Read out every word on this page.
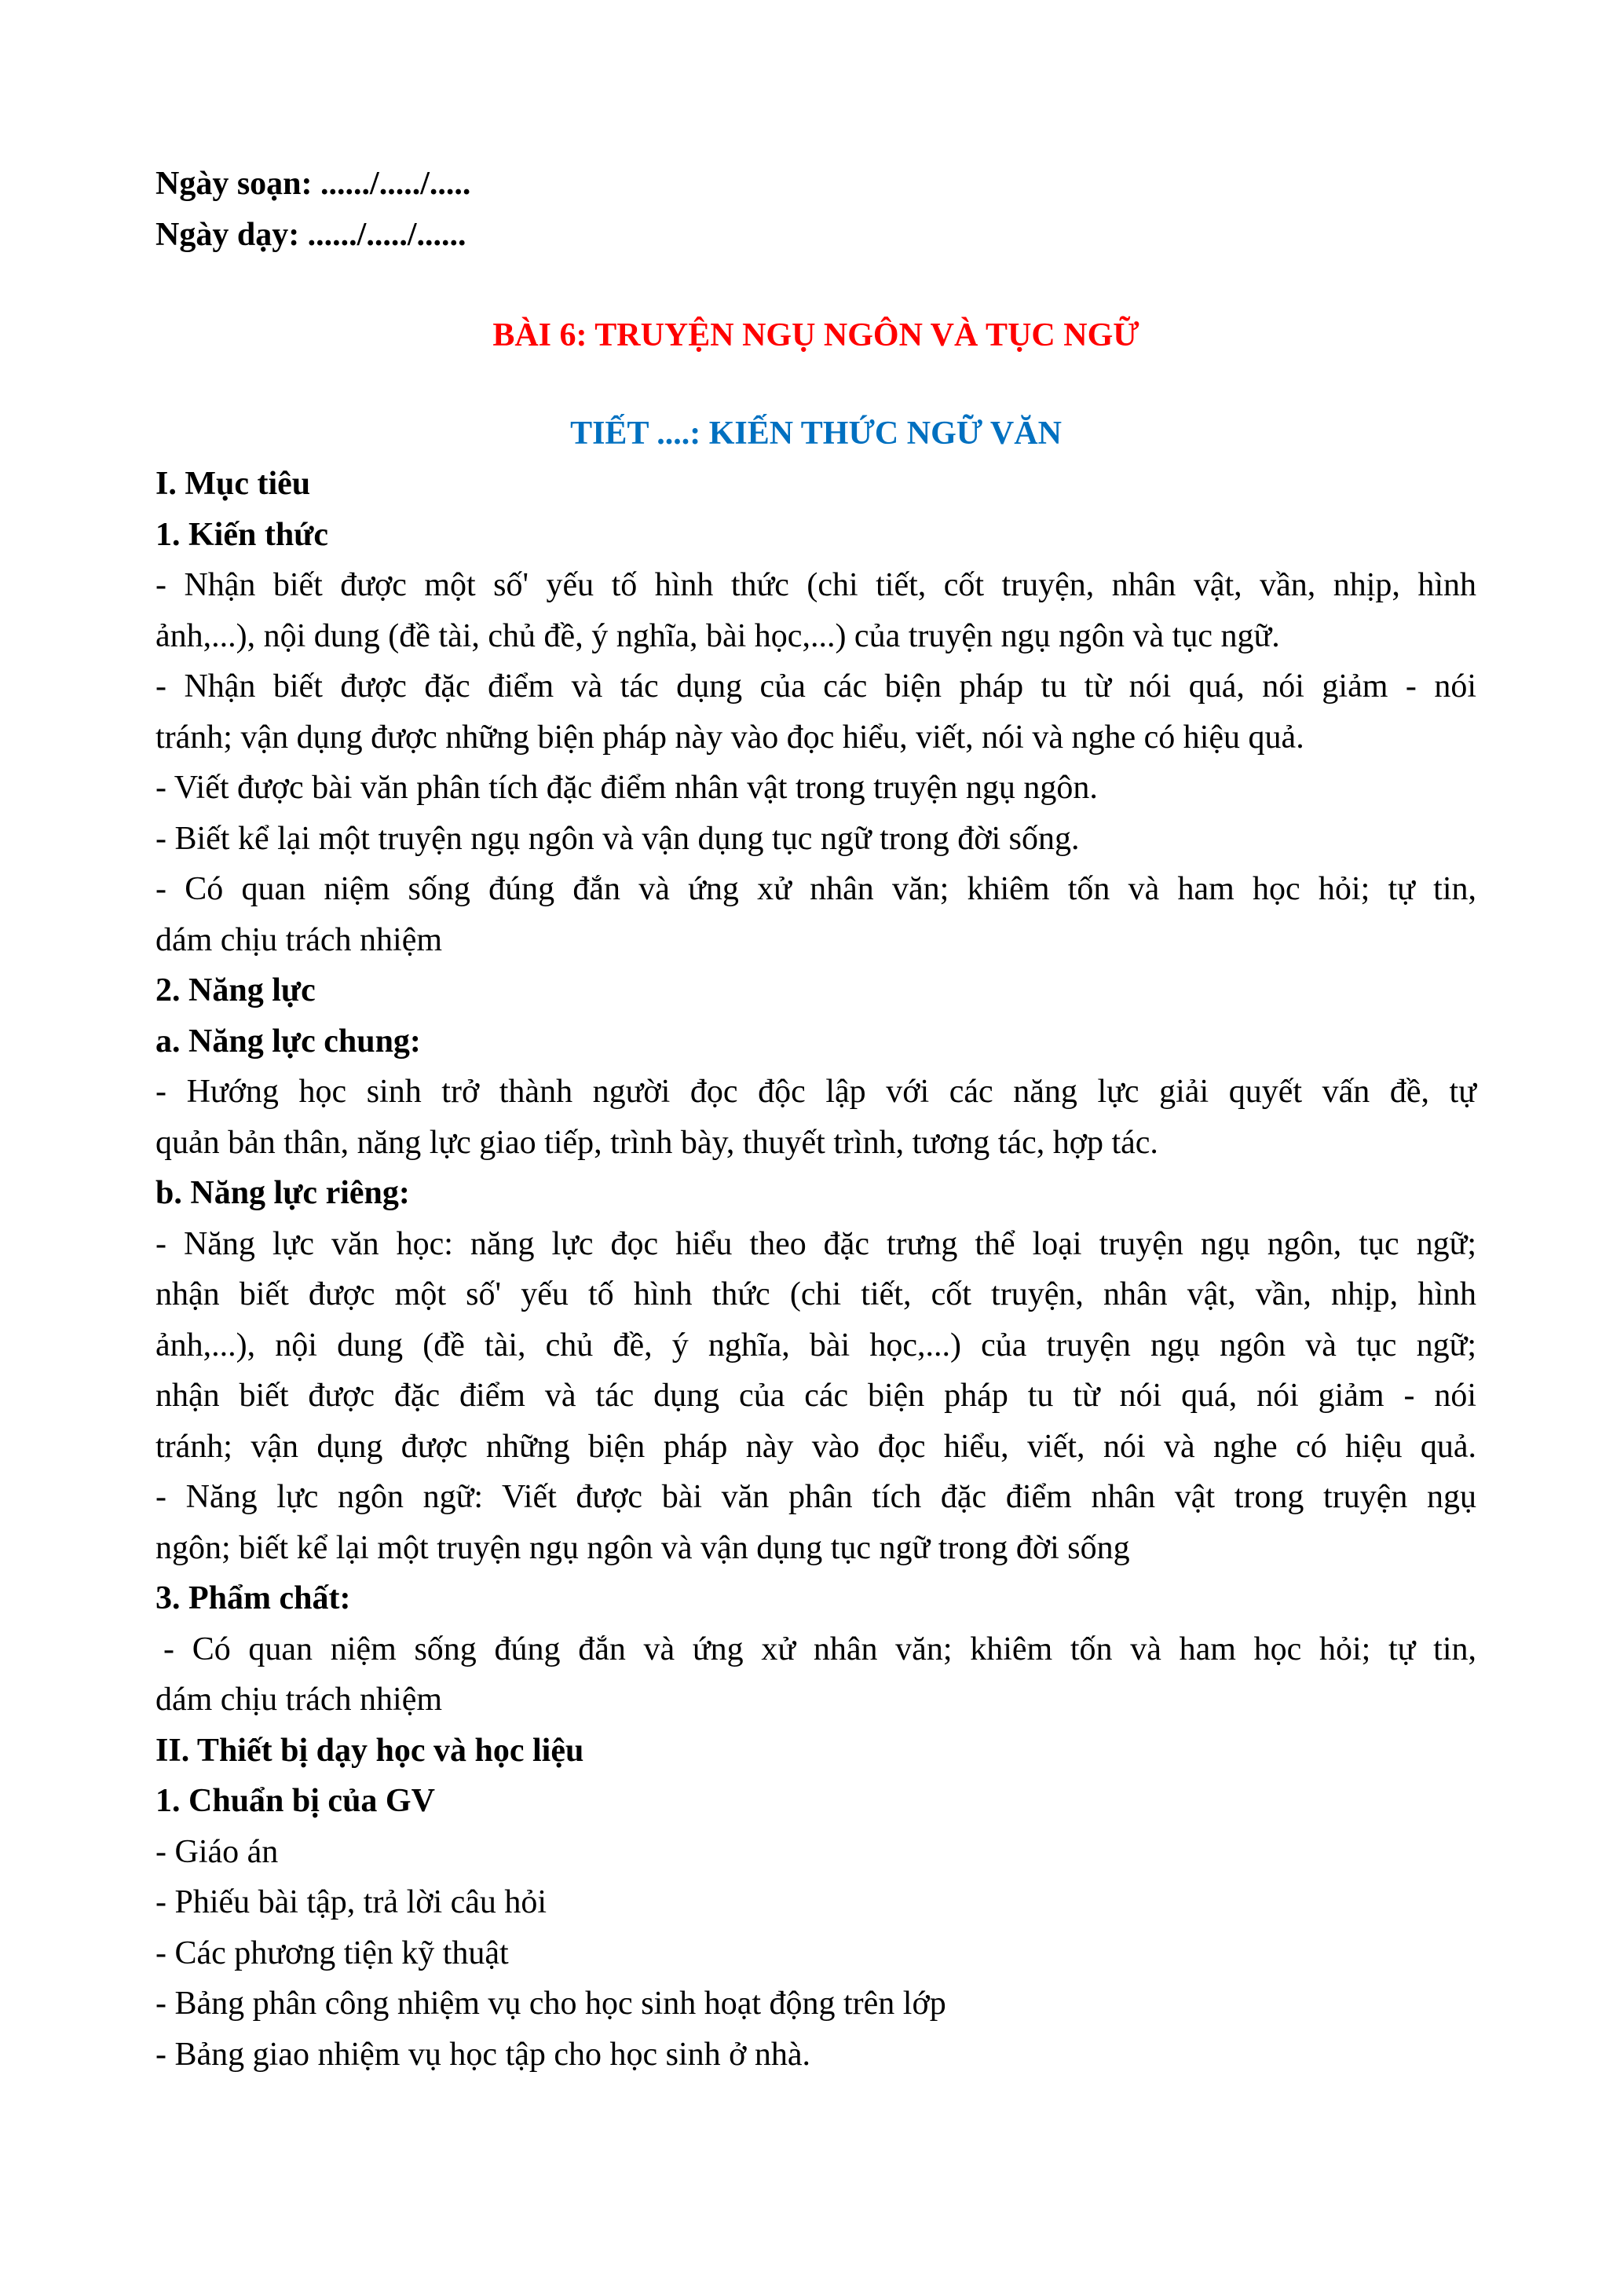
Ngày soạn: ....../...../.....
Ngày dạy: ....../...../......
BÀI 6: TRUYỆN NGỤ NGÔN VÀ TỤC NGỮ
TIẾT ....: KIẾN THỨC NGỮ VĂN
I. Mục tiêu
1. Kiến thức
- Nhận biết được một số' yếu tố hình thức (chi tiết, cốt truyện, nhân vật, vần, nhịp, hình
ảnh,...), nội dung (đề tài, chủ đề, ý nghĩa, bài học,...) của truyện ngụ ngôn và tục ngữ.
- Nhận biết được đặc điểm và tác dụng của các biện pháp tu từ nói quá, nói giảm - nói
tránh; vận dụng được những biện pháp này vào đọc hiểu, viết, nói và nghe có hiệu quả.
- Viết được bài văn phân tích đặc điểm nhân vật trong truyện ngụ ngôn.
- Biết kể lại một truyện ngụ ngôn và vận dụng tục ngữ trong đời sống.
- Có quan niệm sống đúng đắn và ứng xử nhân văn; khiêm tốn và ham học hỏi; tự tin,
dám chịu trách nhiệm
2. Năng lực
a. Năng lực chung:
- Hướng học sinh trở thành người đọc độc lập với các năng lực giải quyết vấn đề, tự
quản bản thân, năng lực giao tiếp, trình bày, thuyết trình, tương tác, hợp tác.
b. Năng lực riêng:
- Năng lực văn học: năng lực đọc hiểu theo đặc trưng thể loại truyện ngụ ngôn, tục ngữ;
nhận biết được một số' yếu tố hình thức (chi tiết, cốt truyện, nhân vật, vần, nhịp, hình
ảnh,...), nội dung (đề tài, chủ đề, ý nghĩa, bài học,...) của truyện ngụ ngôn và tục ngữ;
nhận biết được đặc điểm và tác dụng của các biện pháp tu từ nói quá, nói giảm - nói
tránh; vận dụng được những biện pháp này vào đọc hiểu, viết, nói và nghe có hiệu quả.
- Năng lực ngôn ngữ: Viết được bài văn phân tích đặc điểm nhân vật trong truyện ngụ
ngôn; biết kể lại một truyện ngụ ngôn và vận dụng tục ngữ trong đời sống
3. Phẩm chất:
- Có quan niệm sống đúng đắn và ứng xử nhân văn; khiêm tốn và ham học hỏi; tự tin,
dám chịu trách nhiệm
II. Thiết bị dạy học và học liệu
1. Chuẩn bị của GV
- Giáo án
- Phiếu bài tập, trả lời câu hỏi
- Các phương tiện kỹ thuật
- Bảng phân công nhiệm vụ cho học sinh hoạt động trên lớp
- Bảng giao nhiệm vụ học tập cho học sinh ở nhà.
